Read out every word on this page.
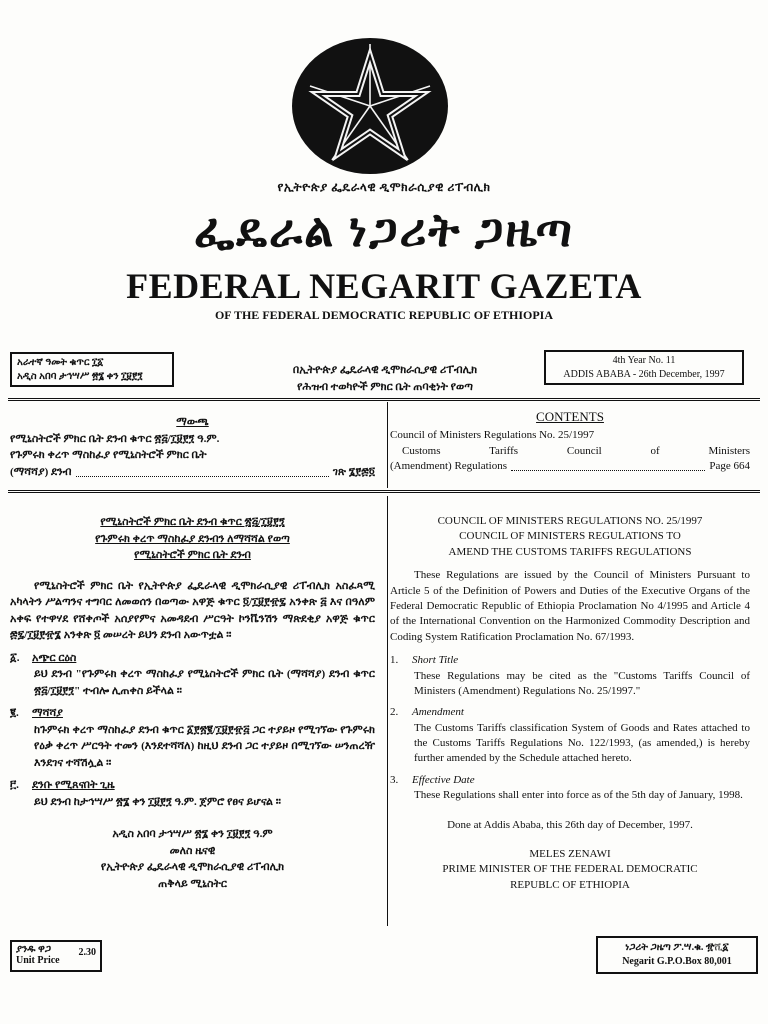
የኢትዮጵያ ፌዴራላዊ ዲሞክራሲያዊ ሪፐብሊክ
ፌዴራል ነጋሪት ጋዜጣ
FEDERAL NEGARIT GAZETA
OF THE FEDERAL DEMOCRATIC REPUBLIC OF ETHIOPIA
አራተኛ ዓመት ቁጥር ፲፩
አዲስ አበባ ታኅሣሥ ፳፮ ቀን ፲፱፻፺	በኢትዮጵያ ፌዴራላዊ ዲሞክራሲያዊ ሪፐብሊክ
የሕዝብ ተወካዮች ምክር ቤት ጠባቂነት የወጣ
4th Year No. 11
ADDIS ABABA - 26th December, 1997
ማውጫ
የሚኒስትሮች ምክር ቤት ደንብ ቁጥር ፳፭/፲፱፻፺ ዓ.ም.
የጉምሩክ ቀረጥ ማስከፈያ የሚኒስትሮች ምክር ቤት
(ማሻሻያ) ደንብ	ገጽ ፮፻፷፬
CONTENTS
Council of Ministers Regulations No. 25/1997
Customs Tariffs Council of Ministers
(Amendment) Regulations	Page 664
የሚኒስትሮች ምክር ቤት ደንብ ቁጥር ፳፭/፲፱፻፺
የጉምሩክ ቀረጥ ማስከፈያ ደንብን ለማሻሻል የወጣ
የሚኒስትሮች ምክር ቤት ደንብ

የሚኒስትሮች ምክር ቤት የኢትዮጵያ ፌዴራላዊ ዲሞክራሲያዊ ሪፐብሊክ አስፈጻሚ አካላትን ሥልጣንና ተግባር ለመወሰን በወጣው አዋጅ ቁጥር ፬/፲፱፻፹፯ አንቀጽ ፭ እና በዓለም አቀፍ የተዋሃደ የሸቀጦች አሰያየምና አመዳደብ ሥርዓት ኮንቬንሽን ማጽደቂያ አዋጅ ቁጥር ፷፯/፲፱፻፹፮ አንቀጽ ፬ መሠረት ይህን ደንብ አውጥቷል ።

፩. አጭር ርዕስ

ይህ ደንብ "የጉምሩክ ቀረጥ ማስከፈያ የሚኒስትሮች ምክር ቤት (ማሻሻያ) ደንብ ቁጥር ፳፭/፲፱፻፺" ተብሎ ሊጠቀስ ይችላል ።

፪. ማሻሻያ

ከጉምሩክ ቀረጥ ማስከፈያ ደንብ ቁጥር ፩፻፳፪/፲፱፻፹፭ ጋር ተያይዞ የሚገኘው የጉምሩክ የዕቃ ቀረጥ ሥርዓት ተመን (እንደተሻሻለ) ከዚህ ደንብ ጋር ተያይዞ በሚገኘው ሠንጠረዥ እንደገና ተሻሽሏል ።

፫. ደንቡ የሚጸናበት ጊዜ

ይህ ደንብ ከታኅሣሥ ፳፮ ቀን ፲፱፻፺ ዓ.ም. ጀምሮ የፀና ይሆናል ።

አዲስ አበባ ታኅሣሥ ፳፮ ቀን ፲፱፻፺ ዓ.ም
መለስ ዜናዊ
የኢትዮጵያ ፌዴራላዊ ዲሞክራሲያዊ ሪፐብሊክ
ጠቅላይ ሚኒስትር
COUNCIL OF MINISTERS REGULATIONS NO. 25/1997
COUNCIL OF MINISTERS REGULATIONS TO
AMEND THE CUSTOMS TARIFFS REGULATIONS

These Regulations are issued by the Council of Ministers Pursuant to Article 5 of the Definition of Powers and Duties of the Executive Organs of the Federal Democratic Republic of Ethiopia Proclamation No 4/1995 and Article 4 of the International Convention on the Harmonized Commodity Description and Coding System Ratification Proclamation No. 67/1993.

1. Short Title

These Regulations may be cited as the "Customs Tariffs Council of Ministers (Amendment) Regulations No. 25/1997."

2. Amendment

The Customs Tariffs classification System of Goods and Rates attached to the Customs Tariffs Regulations No. 122/1993, (as amended,) is hereby further amended by the Schedule attached hereto.

3. Effective Date

These Regulations shall enter into force as of the 5th day of January, 1998.

Done at Addis Ababa, this 26th day of December, 1997.

MELES ZENAWI
PRIME MINISTER OF THE FEDERAL DEMOCRATIC
REPUBLC OF ETHIOPIA
ያንዱ ዋጋ
Unit Price
2.30	ነጋሪት ጋዜጣ ፖ.ሣ.ቁ. ፹ሺ፩
Negarit G.P.O.Box 80,001
